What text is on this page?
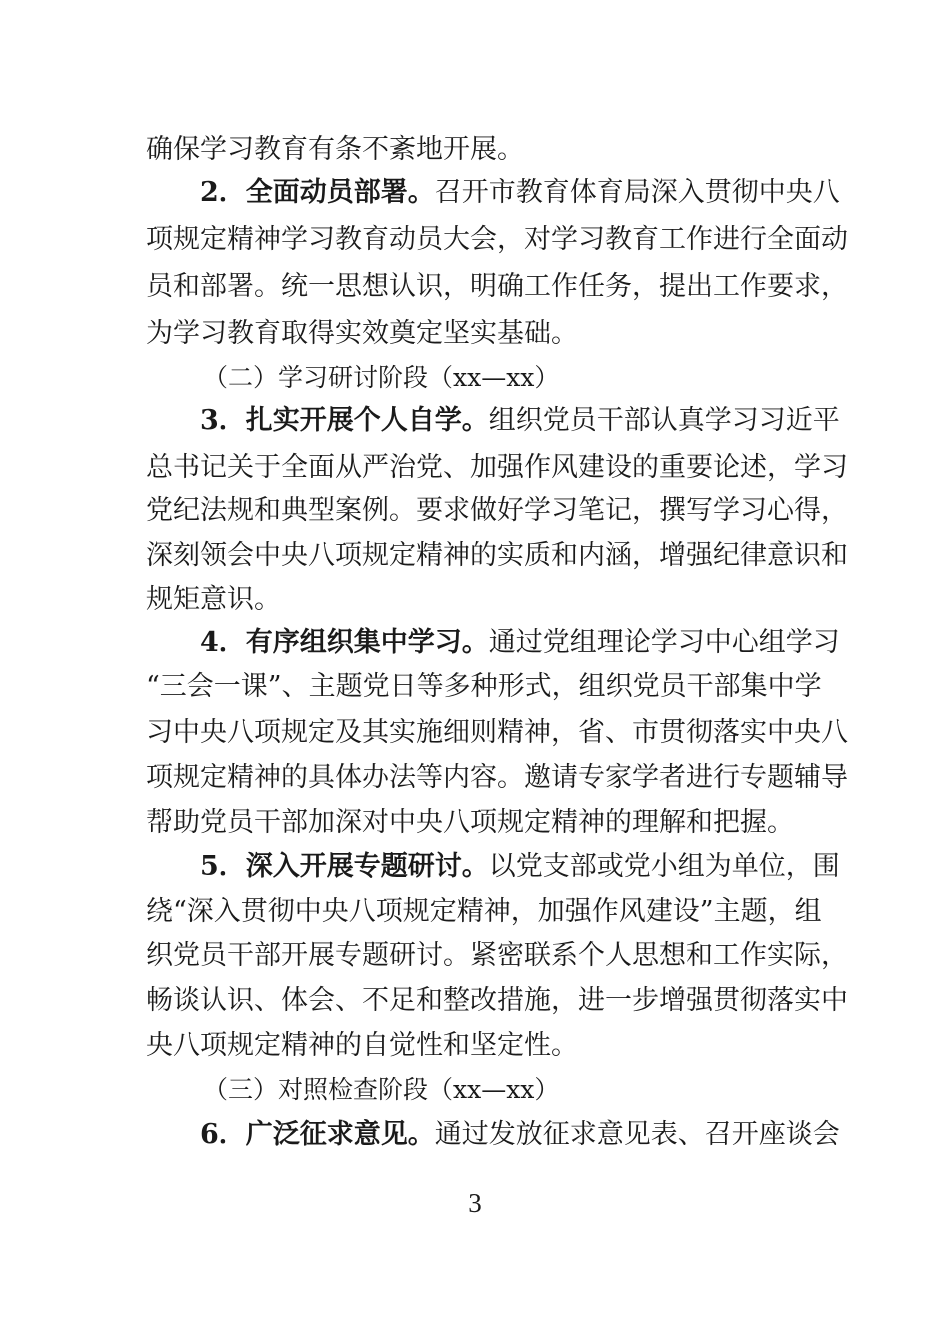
确保学习教育有条不紊地开展。
2．全面动员部署。召开市教育体育局深入贯彻中央八
项规定精神学习教育动员大会，对学习教育工作进行全面动
员和部署。统一思想认识，明确工作任务，提出工作要求，
为学习教育取得实效奠定坚实基础。
（二）学习研讨阶段（xx—xx）
3．扎实开展个人自学。组织党员干部认真学习习近平
总书记关于全面从严治党、加强作风建设的重要论述，学习
党纪法规和典型案例。要求做好学习笔记，撰写学习心得，
深刻领会中央八项规定精神的实质和内涵，增强纪律意识和
规矩意识。
4．有序组织集中学习。通过党组理论学习中心组学习
“三会一课”、主题党日等多种形式，组织党员干部集中学
习中央八项规定及其实施细则精神，省、市贯彻落实中央八
项规定精神的具体办法等内容。邀请专家学者进行专题辅导
帮助党员干部加深对中央八项规定精神的理解和把握。
5．深入开展专题研讨。以党支部或党小组为单位，围
绕“深入贯彻中央八项规定精神，加强作风建设”主题，组
织党员干部开展专题研讨。紧密联系个人思想和工作实际，
畅谈认识、体会、不足和整改措施，进一步增强贯彻落实中
央八项规定精神的自觉性和坚定性。
（三）对照检查阶段（xx—xx）
6．广泛征求意见。通过发放征求意见表、召开座谈会
3
